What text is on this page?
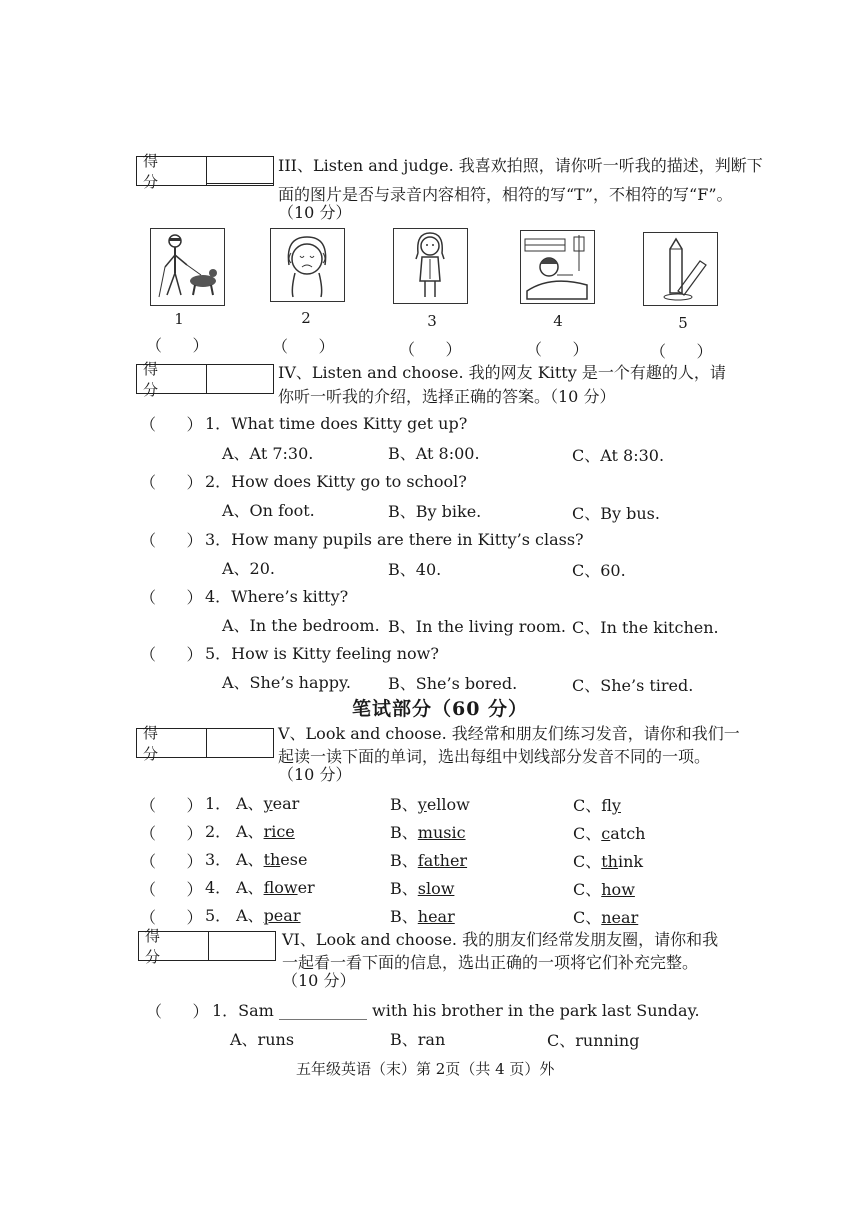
得 分
III、Listen and judge. 我喜欢拍照，请你听一听我的描述，判断下
面的图片是否与录音内容相符，相符的写“T”，不相符的写“F”。
（10 分）
1	2	3	4	5
（      ）	（      ）	（      ）	（      ）	（      ）
得 分
IV、Listen and choose. 我的网友 Kitty 是一个有趣的人，请
你听一听我的介绍，选择正确的答案。（10 分）
（      ） 1．What time does Kitty get up?
A、At 7:30.	B、At 8:00.	C、At 8:30.
（      ） 2．How does Kitty go to school?
A、On foot.	B、By bike.	C、By bus.
（      ） 3．How many pupils are there in Kitty’s class?
A、20.	B、40.	C、60.
（      ） 4．Where’s kitty?
A、In the bedroom. B、In the living room. C、In the kitchen.
（      ） 5．How is Kitty feeling now?
A、She’s happy. B、She’s bored.	C、She’s tired.
笔试部分（60 分）
得 分
V、Look and choose. 我经常和朋友们练习发音，请你和我们一
起读一读下面的单词，选出每组中划线部分发音不同的一项。
（10 分）
（      ） 1． A、year	B、yellow	C、fly
（      ） 2． A、rice	B、music	C、catch
（      ） 3． A、these	B、father	C、think
（      ） 4． A、flower	B、slow	C、how
（      ） 5． A、pear	B、hear	C、near
得 分
VI、Look and choose. 我的朋友们经常发朋友圈，请你和我
一起看一看下面的信息，选出正确的一项将它们补充完整。
（10 分）
（      ） 1．Sam ___________ with his brother in the park last Sunday.
A、runs	B、ran	C、running
五年级英语（末）第 2页（共 4 页）外
